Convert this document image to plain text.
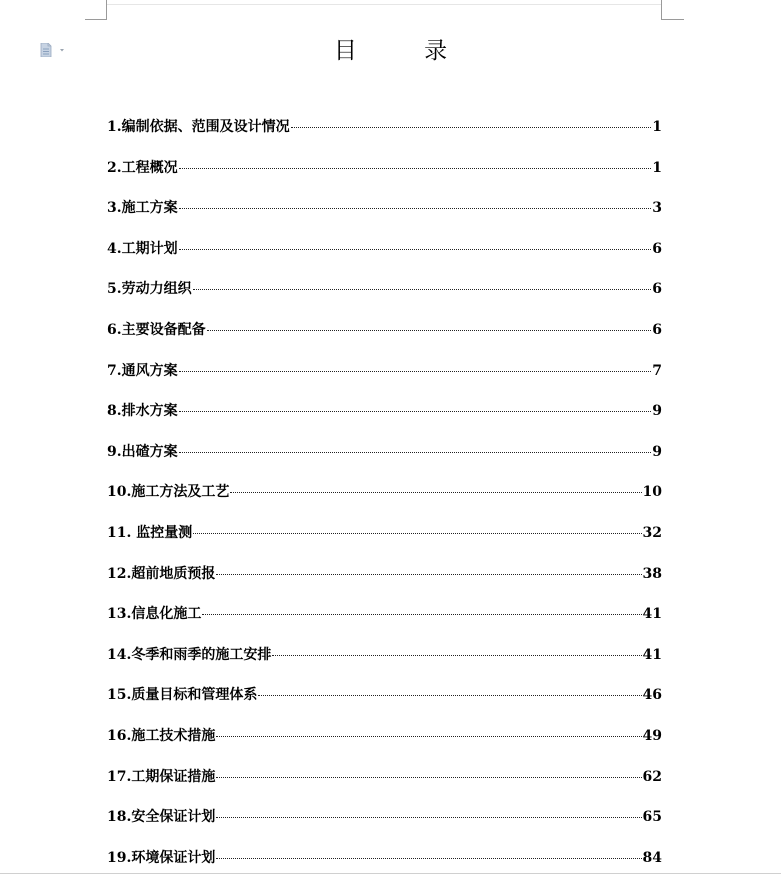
目 录
1.编制依据、范围及设计情况	1
2.工程概况	1
3.施工方案	3
4.工期计划	6
5.劳动力组织	6
6.主要设备配备	6
7.通风方案	7
8.排水方案	9
9.出碴方案	9
10.施工方法及工艺	10
11. 监控量测	32
12.超前地质预报	38
13.信息化施工	41
14.冬季和雨季的施工安排	41
15.质量目标和管理体系	46
16.施工技术措施	49
17.工期保证措施	62
18.安全保证计划	65
19.环境保证计划	84
